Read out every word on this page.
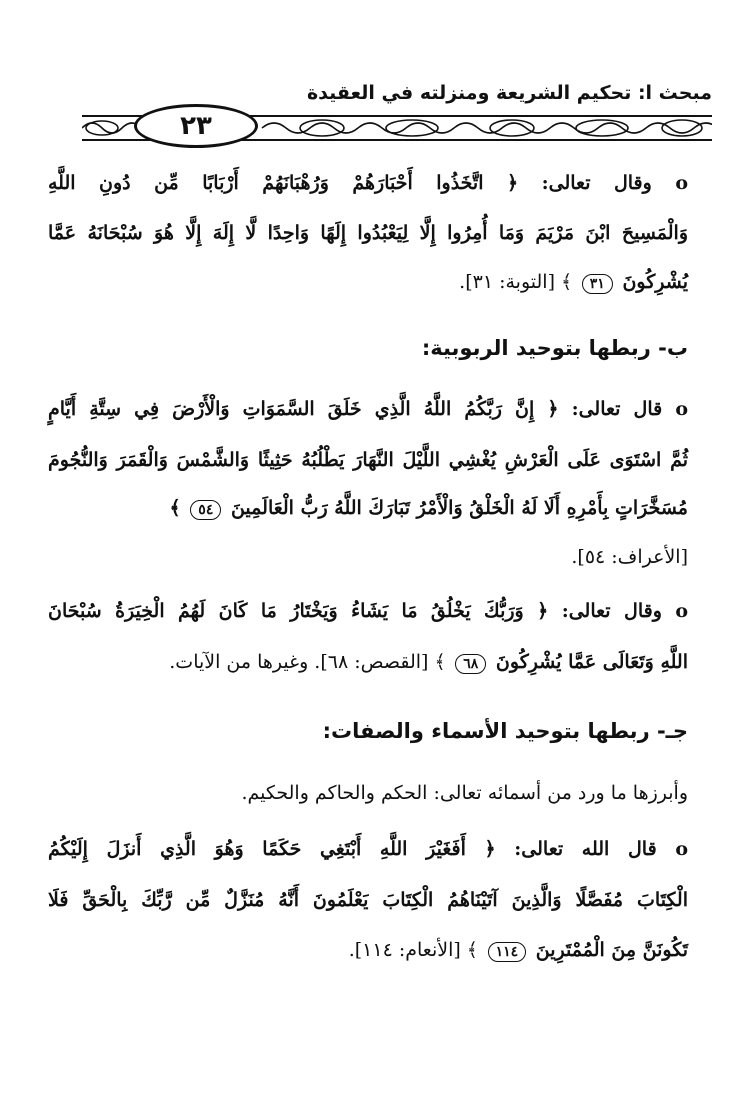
مبحث ا: تحكيم الشريعة ومنزلته في العقيدة
٢٣
ο وقال تعالى: ﴿ اتَّخَذُوا أَحْبَارَهُمْ وَرُهْبَانَهُمْ أَرْبَابًا مِّن دُونِ اللَّهِ
وَالْمَسِيحَ ابْنَ مَرْيَمَ وَمَا أُمِرُوا إِلَّا لِيَعْبُدُوا إِلَهًا وَاحِدًا لَّا إِلَهَ إِلَّا هُوَ سُبْحَانَهُ عَمَّا
يُشْرِكُونَ ٣١ ﴾ [التوبة: ٣١].
ب- ربطها بتوحيد الربوبية:
ο قال تعالى: ﴿ إِنَّ رَبَّكُمُ اللَّهُ الَّذِي خَلَقَ السَّمَوَاتِ وَالْأَرْضَ فِي سِتَّةِ أَيَّامٍ
ثُمَّ اسْتَوَى عَلَى الْعَرْشِ يُغْشِي اللَّيْلَ النَّهَارَ يَطْلُبُهُ حَثِيثًا وَالشَّمْسَ وَالْقَمَرَ وَالنُّجُومَ
مُسَخَّرَاتٍ بِأَمْرِهِ أَلَا لَهُ الْخَلْقُ وَالْأَمْرُ تَبَارَكَ اللَّهُ رَبُّ الْعَالَمِينَ ٥٤ ﴾
[الأعراف: ٥٤].
ο وقال تعالى: ﴿ وَرَبُّكَ يَخْلُقُ مَا يَشَاءُ وَيَخْتَارُ مَا كَانَ لَهُمُ الْخِيَرَةُ سُبْحَانَ
اللَّهِ وَتَعَالَى عَمَّا يُشْرِكُونَ ٦٨ ﴾ [القصص: ٦٨]. وغيرها من الآيات.
جـ- ربطها بتوحيد الأسماء والصفات:
وأبرزها ما ورد من أسمائه تعالى: الحكم والحاكم والحكيم.
ο قال الله تعالى: ﴿ أَفَغَيْرَ اللَّهِ أَبْتَغِي حَكَمًا وَهُوَ الَّذِي أَنزَلَ إِلَيْكُمُ
الْكِتَابَ مُفَصَّلًا وَالَّذِينَ آتَيْنَاهُمُ الْكِتَابَ يَعْلَمُونَ أَنَّهُ مُنَزَّلٌ مِّن رَّبِّكَ بِالْحَقِّ فَلَا
تَكُونَنَّ مِنَ الْمُمْتَرِينَ ١١٤ ﴾ [الأنعام: ١١٤].
